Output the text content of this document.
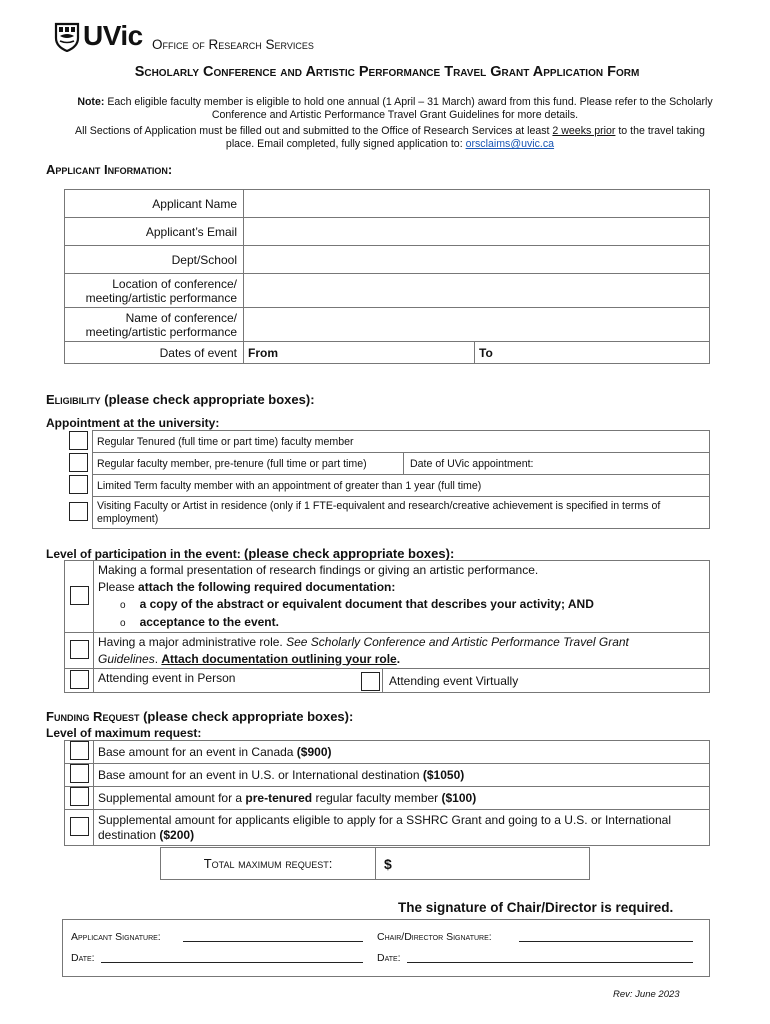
UVic Office of Research Services
Scholarly Conference and Artistic Performance Travel Grant Application Form
Note: Each eligible faculty member is eligible to hold one annual (1 April – 31 March) award from this fund. Please refer to the Scholarly
Conference and Artistic Performance Travel Grant Guidelines for more details.
All Sections of Application must be filled out and submitted to the Office of Research Services at least 2 weeks prior to the travel taking
place. Email completed, fully signed application to: orsclaims@uvic.ca
Applicant Information:
Applicant Name		
Applicant’s Email		
Dept/School		
Location of conference/
meeting/artistic performance		
Name of conference/
meeting/artistic performance		
Dates of event	From	To
Eligibility (please check appropriate boxes):
Appointment at the university:
	Regular Tenured (full time or part time) faculty member	
	Regular faculty member, pre-tenure (full time or part time)	Date of UVic appointment:
	Limited Term faculty member with an appointment of greater than 1 year (full time)	
	Visiting Faculty or Artist in residence (only if 1 FTE-equivalent and research/creative achievement is specified in terms of
employment)	
Level of participation in the event: (please check appropriate boxes):
	Making a formal presentation of research findings or giving an artistic performance.
Please attach the following required documentation:
o a copy of the abstract or equivalent document that describes your activity; AND
o acceptance to the event.	
	Having a major administrative role. See Scholarly Conference and Artistic Performance Travel Grant
Guidelines. Attach documentation outlining your role.	
	Attending event in Person	Attending event Virtually
Funding Request (please check appropriate boxes):
Level of maximum request:
	Base amount for an event in Canada ($900)
	Base amount for an event in U.S. or International destination ($1050)
	Supplemental amount for a pre-tenured regular faculty member ($100)
	Supplemental amount for applicants eligible to apply for a SSHRC Grant and going to a U.S. or International
destination ($200)
Total maximum request:	$
The signature of Chair/Director is required.
Applicant Signature:
Date:
Chair/Director Signature:
Date:
Rev: June 2023
